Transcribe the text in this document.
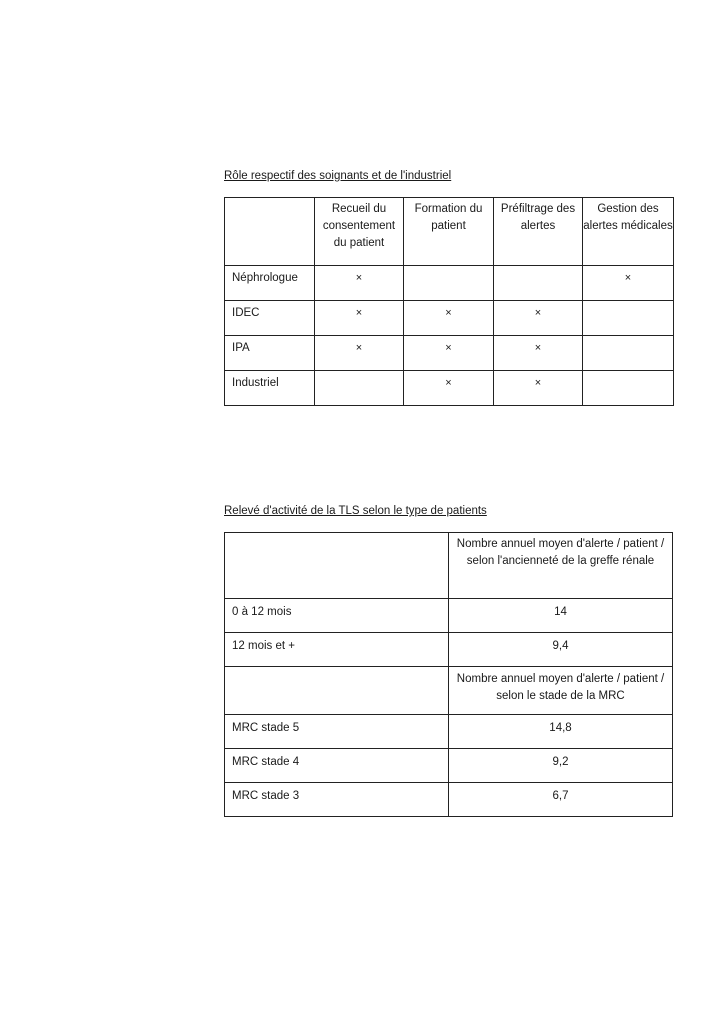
Rôle respectif des soignants et de l'industriel
	Recueil du consentement du patient	Formation du patient	Préfiltrage des alertes	Gestion des alertes médicales
Néphrologue	×			×
IDEC	×	×	×	
IPA	×	×	×	
Industriel		×	×	
Relevé d'activité de la TLS selon le type de patients
	Nombre annuel moyen d'alerte / patient / selon l'ancienneté de la greffe rénale
0 à 12 mois	14
12 mois et +	9,4
	Nombre annuel moyen d'alerte / patient / selon le stade de la MRC
MRC stade 5	14,8
MRC stade 4	9,2
MRC stade 3	6,7
